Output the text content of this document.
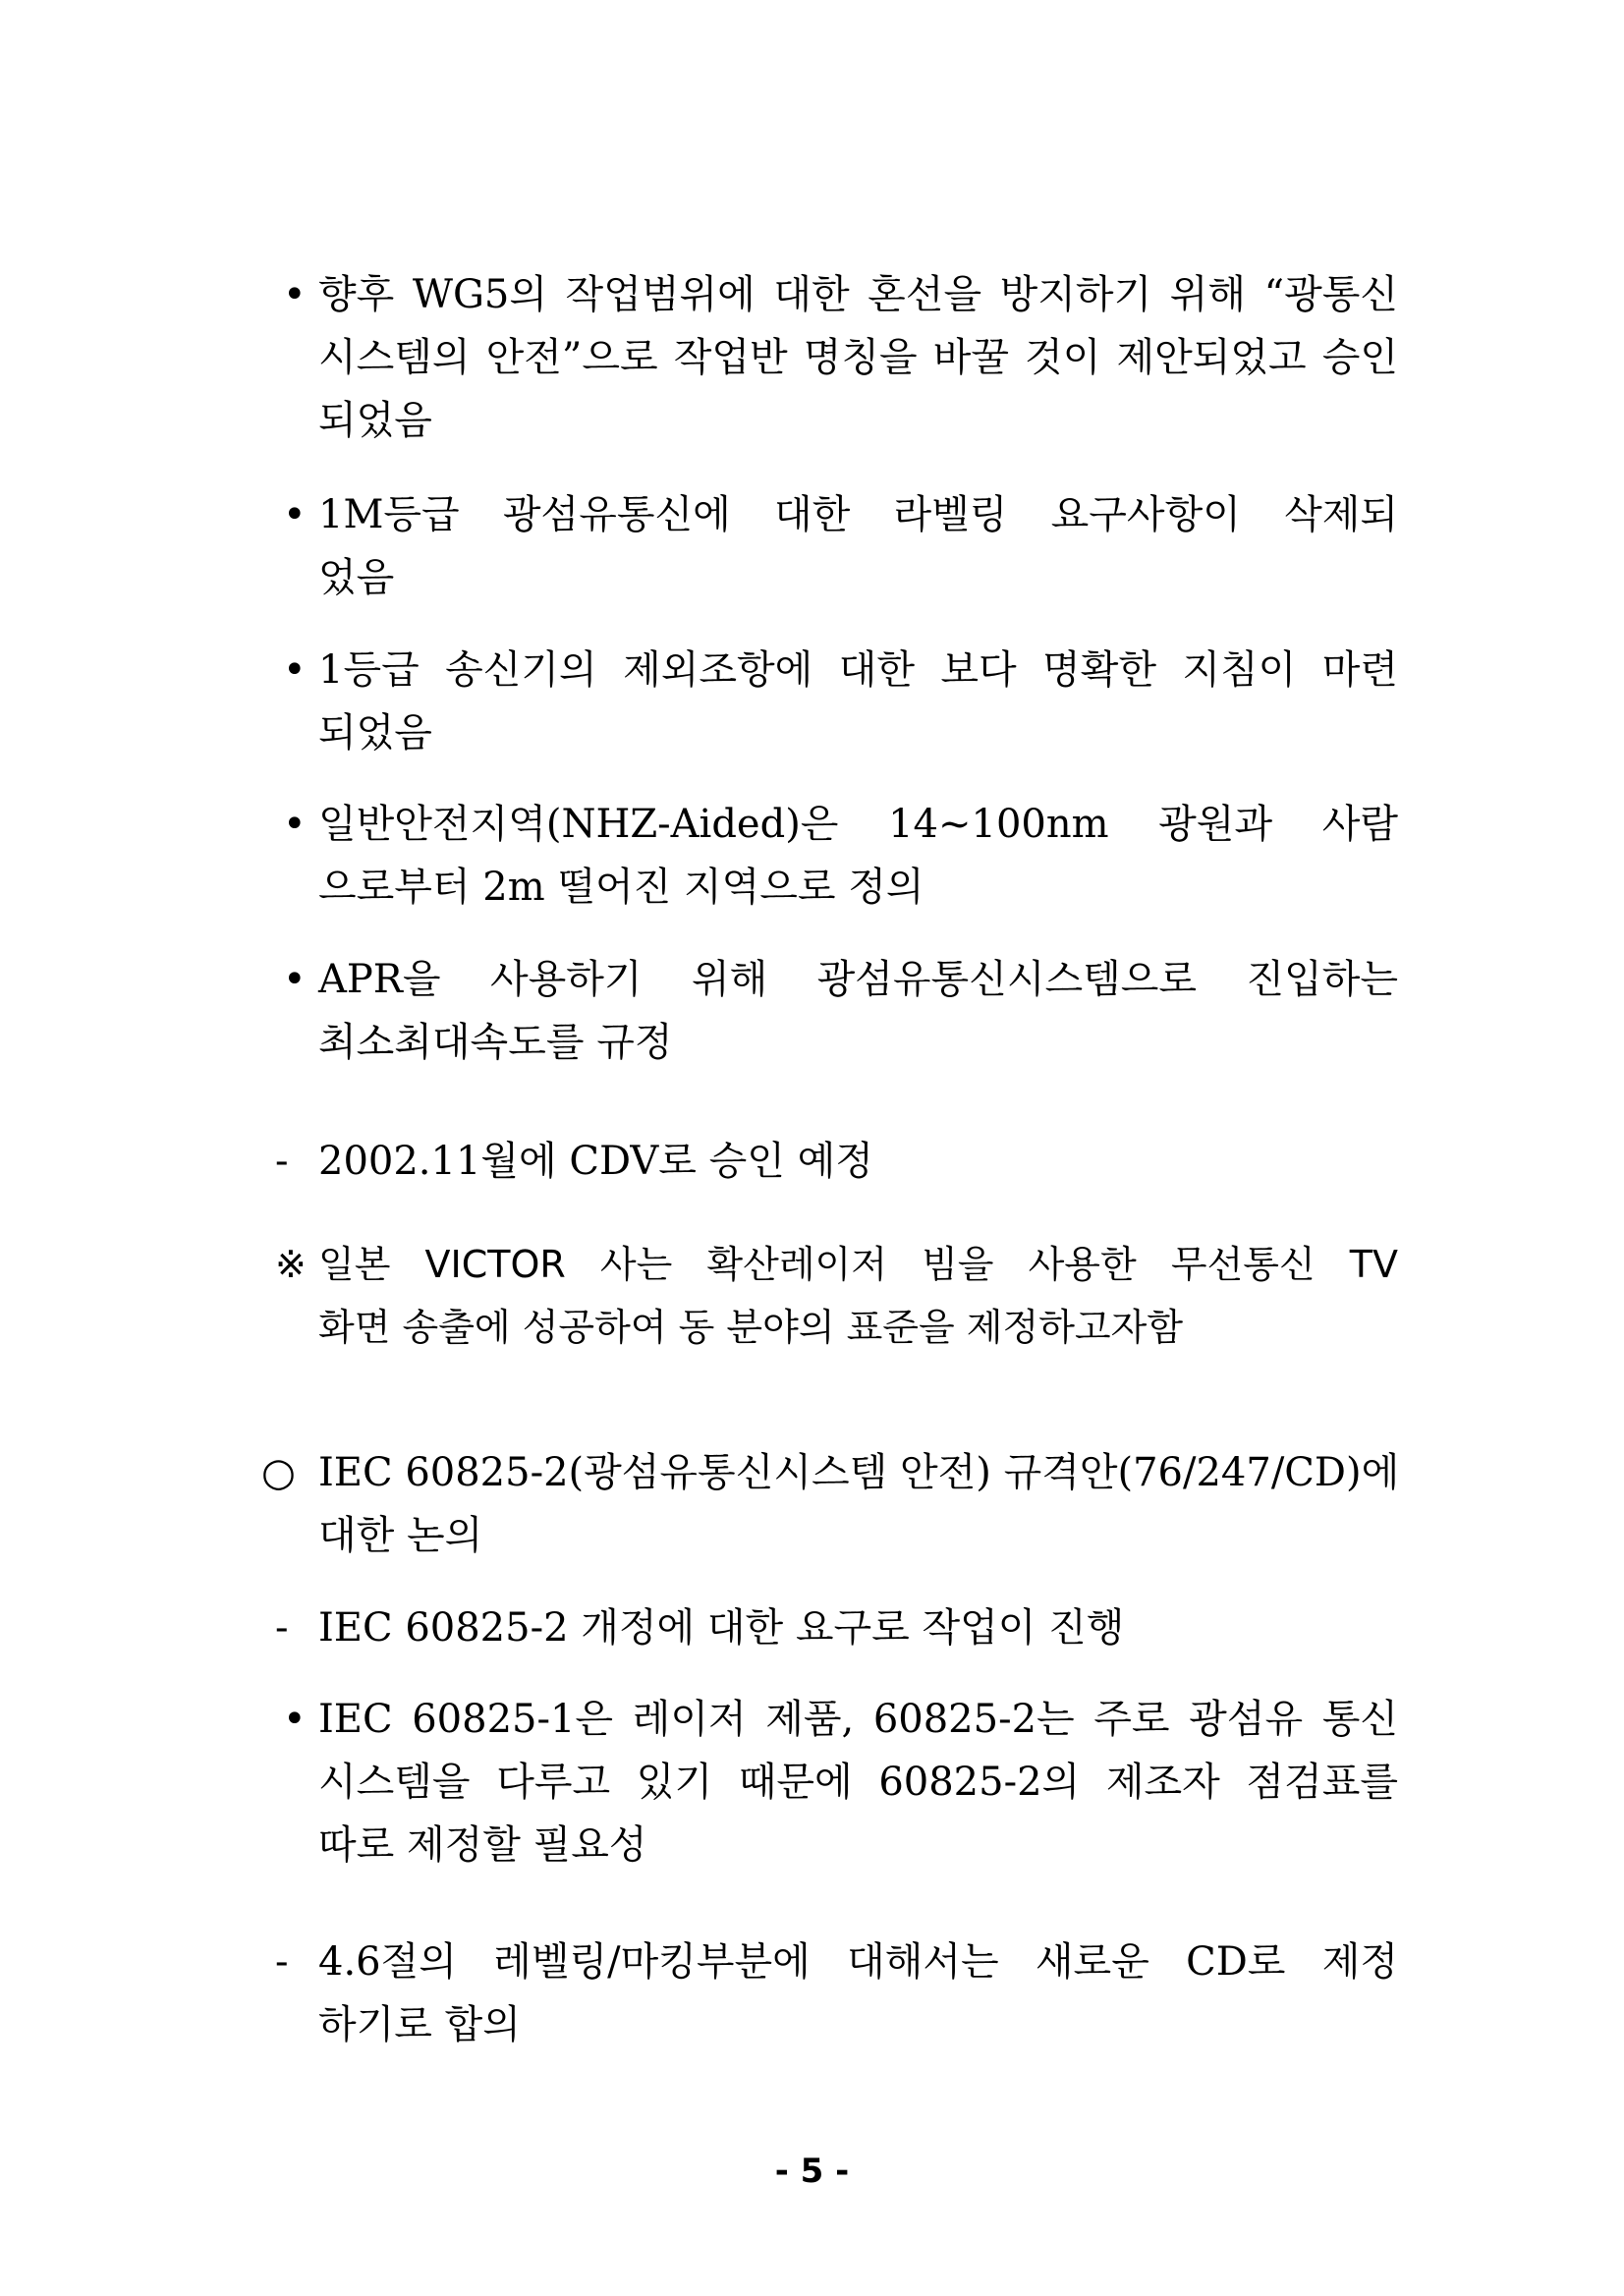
• 향후 WG5의 작업범위에 대한 혼선을 방지하기 위해 “광통신
시스템의 안전”으로 작업반 명칭을 바꿀 것이 제안되었고 승인
되었음
• 1M등급 광섬유통신에 대한 라벨링 요구사항이 삭제되
었음
• 1등급 송신기의 제외조항에 대한 보다 명확한 지침이 마련
되었음
• 일반안전지역(NHZ-Aided)은 14~100nm 광원과 사람
으로부터 2m 떨어진 지역으로 정의
• APR을 사용하기 위해 광섬유통신시스템으로 진입하는
최소최대속도를 규정
- 2002.11월에 CDV로 승인 예정
※ 일본 VICTOR 사는 확산레이저 빔을 사용한 무선통신 TV
화면 송출에 성공하여 동 분야의 표준을 제정하고자함
○ IEC 60825-2(광섬유통신시스템 안전) 규격안(76/247/CD)에
대한 논의
- IEC 60825-2 개정에 대한 요구로 작업이 진행
• IEC 60825-1은 레이저 제품, 60825-2는 주로 광섬유 통신
시스템을 다루고 있기 때문에 60825-2의 제조자 점검표를
따로 제정할 필요성
- 4.6절의 레벨링/마킹부분에 대해서는 새로운 CD로 제정
하기로 합의
- 5 -
